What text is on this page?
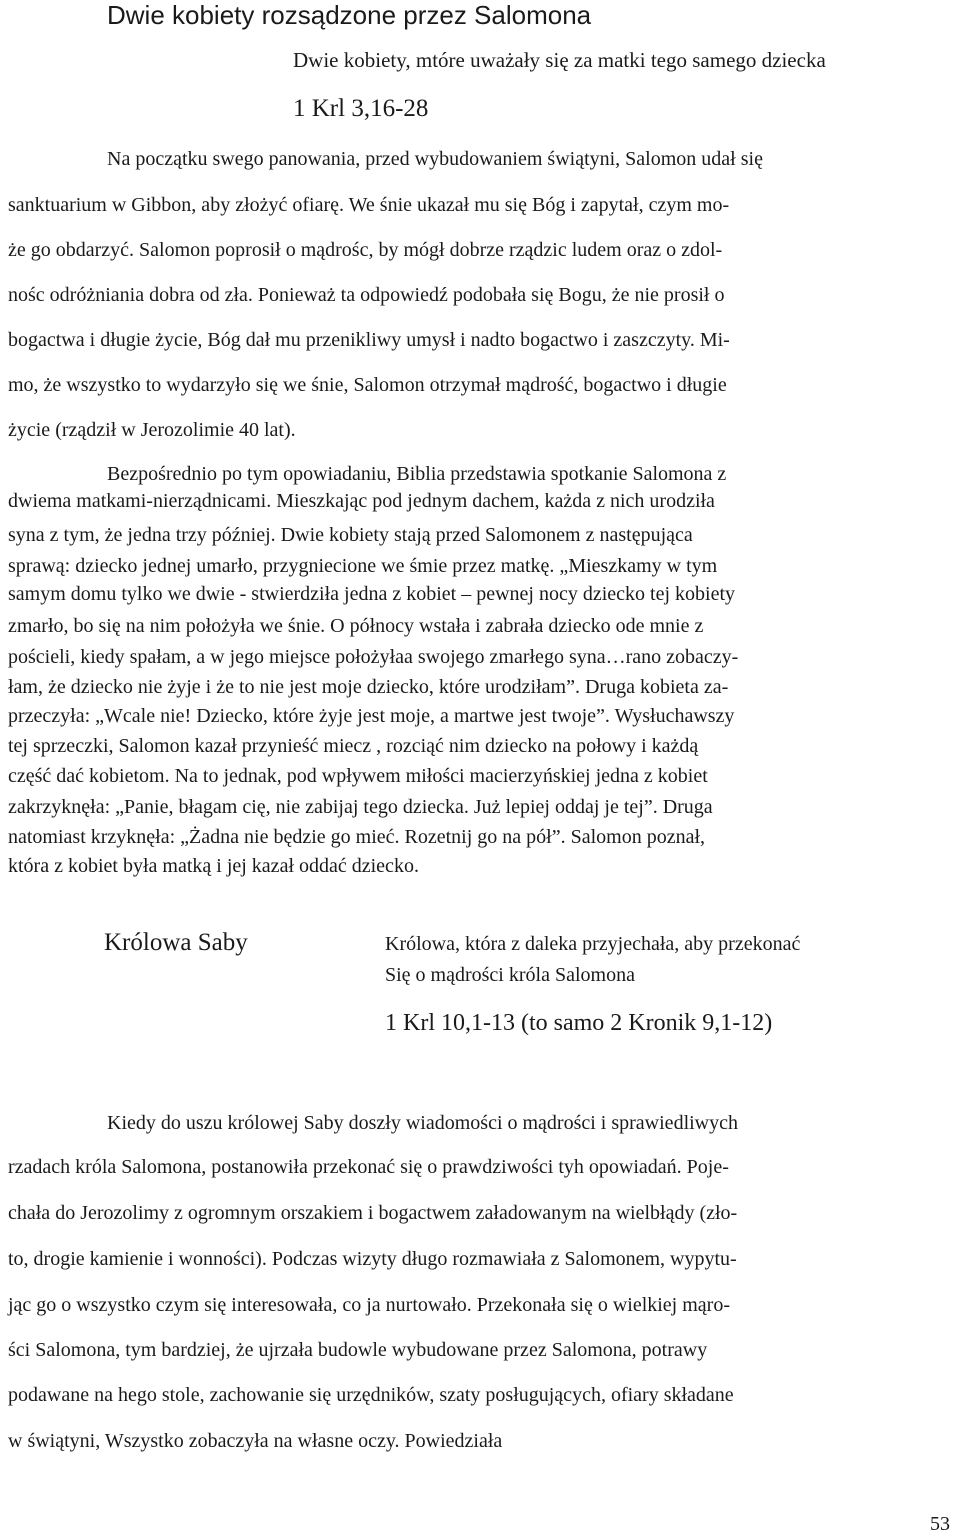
Dwie kobiety rozsądzone przez Salomona
Dwie kobiety, mtóre uważały się za matki tego samego dziecka
1 Krl 3,16-28
Na początku swego panowania, przed wybudowaniem świątyni, Salomon udał się
sanktuarium w Gibbon, aby złożyć ofiarę. We śnie ukazał mu się Bóg i zapytał, czym mo-
że go obdarzyć. Salomon poprosił o mądrośc, by mógł dobrze rządzic ludem oraz o zdol-
nośc odróżniania dobra od zła. Ponieważ ta odpowiedź podobała się Bogu, że nie prosił o
bogactwa i długie życie, Bóg dał mu przenikliwy umysł i nadto bogactwo i zaszczyty. Mi-
mo, że wszystko to wydarzyło się we śnie, Salomon otrzymał mądrość, bogactwo i długie
życie (rządził w Jerozolimie 40 lat).
Bezpośrednio po tym opowiadaniu, Biblia przedstawia spotkanie Salomona z
dwiema matkami-nierządnicami. Mieszkając pod jednym dachem, każda z nich urodziła
syna z tym, że jedna trzy później. Dwie kobiety stają przed Salomonem z następująca
sprawą: dziecko jednej umarło, przygniecione we śmie przez matkę. „Mieszkamy w tym
samym domu tylko we dwie - stwierdziła jedna z kobiet – pewnej nocy dziecko tej kobiety
zmarło, bo się na nim położyła we śnie. O północy wstała i zabrała dziecko ode mnie z
pościeli, kiedy spałam, a w jego miejsce położyłaa swojego zmarłego syna…rano zobaczy-
łam, że dziecko nie żyje i że to nie jest moje dziecko, które urodziłam”. Druga kobieta za-
przeczyła: „Wcale nie! Dziecko, które żyje jest moje, a martwe jest twoje”. Wysłuchawszy
tej sprzeczki, Salomon kazał przynieść miecz , rozciąć nim dziecko na połowy i każdą
część dać kobietom. Na to jednak, pod wpływem miłości macierzyńskiej jedna z kobiet
zakrzyknęła: „Panie, błagam cię, nie zabijaj tego dziecka. Już lepiej oddaj je tej”. Druga
natomiast krzyknęła: „Żadna nie będzie go mieć. Rozetnij go na pół”. Salomon poznał,
która z kobiet była matką i jej kazał oddać dziecko.
Królowa Saby	Królowa, która z daleka przyjechała, aby przekonać
Się o mądrości króla Salomona
1 Krl 10,1-13 (to samo 2 Kronik 9,1-12)
Kiedy do uszu królowej Saby doszły wiadomości o mądrości i sprawiedliwych
rzadach króla Salomona, postanowiła przekonać się o prawdziwości tyh opowiadań. Poje-
chała do Jerozolimy z ogromnym orszakiem i bogactwem załadowanym na wielbłądy (zło-
to, drogie kamienie i wonności). Podczas wizyty długo rozmawiała z Salomonem, wypytu-
jąc go o wszystko czym się interesowała, co ja nurtowało. Przekonała się o wielkiej mąro-
ści Salomona, tym bardziej, że ujrzała budowle wybudowane przez Salomona, potrawy
podawane na hego stole, zachowanie się urzędników, szaty posługujących, ofiary składane
w świątyni, Wszystko zobaczyła na własne oczy. Powiedziała
53
